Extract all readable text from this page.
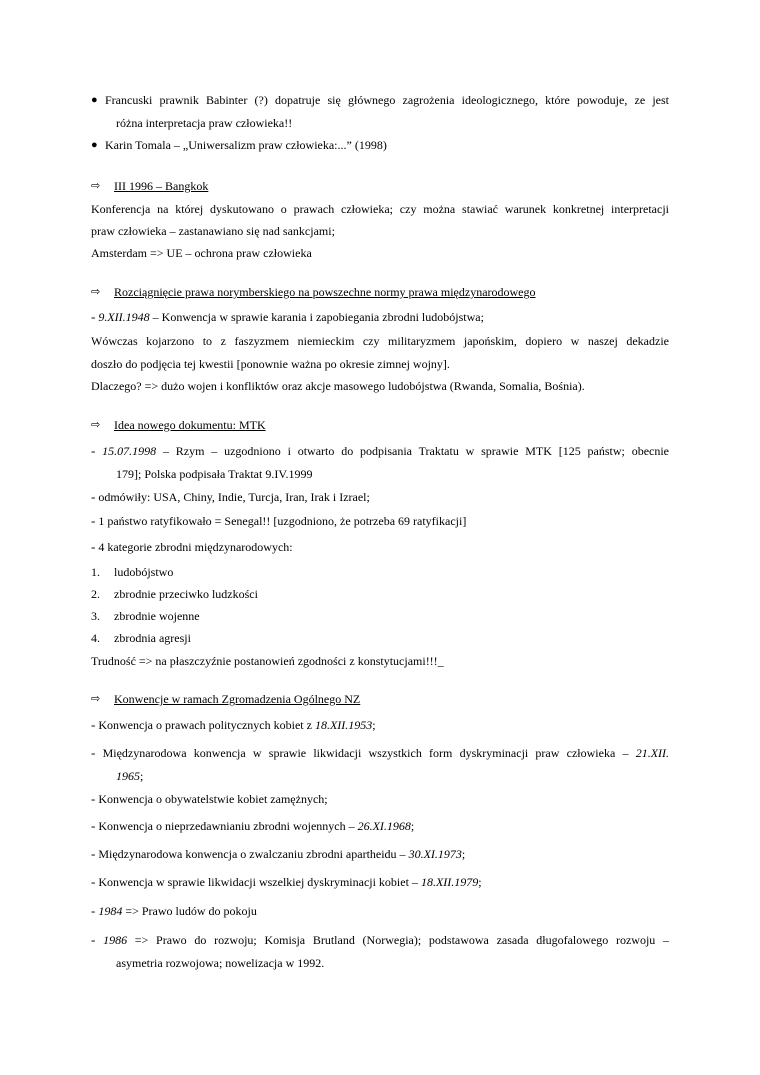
● Francuski prawnik Babinter (?) dopatruje się głównego zagrożenia ideologicznego, które powoduje, ze jest
różna interpretacja praw człowieka!!
● Karin Tomala – „Uniwersalizm praw człowieka:...” (1998)
⇨ III 1996 – Bangkok
Konferencja na której dyskutowano o prawach człowieka; czy można stawiać warunek konkretnej interpretacji
praw człowieka – zastanawiano się nad sankcjami;
Amsterdam => UE – ochrona praw człowieka
⇨ Rozciągnięcie prawa norymberskiego na powszechne normy prawa międzynarodowego
- 9.XII.1948 – Konwencja w sprawie karania i zapobiegania zbrodni ludobójstwa;
Wówczas kojarzono to z faszyzmem niemieckim czy militaryzmem japońskim, dopiero w naszej dekadzie
doszło do podjęcia tej kwestii [ponownie ważna po okresie zimnej wojny].
Dlaczego? => dużo wojen i konfliktów oraz akcje masowego ludobójstwa (Rwanda, Somalia, Bośnia).
⇨ Idea nowego dokumentu: MTK
- 15.07.1998 – Rzym – uzgodniono i otwarto do podpisania Traktatu w sprawie MTK [125 państw; obecnie
179]; Polska podpisała Traktat 9.IV.1999
- odmówiły: USA, Chiny, Indie, Turcja, Iran, Irak i Izrael;
- 1 państwo ratyfikowało = Senegal!! [uzgodniono, że potrzeba 69 ratyfikacji]
- 4 kategorie zbrodni międzynarodowych:
1. ludobójstwo
2. zbrodnie przeciwko ludzkości
3. zbrodnie wojenne
4. zbrodnia agresji
Trudność => na płaszczyźnie postanowień zgodności z konstytucjami!!!_
⇨ Konwencje w ramach Zgromadzenia Ogólnego NZ
- Konwencja o prawach politycznych kobiet z 18.XII.1953;
- Międzynarodowa konwencja w sprawie likwidacji wszystkich form dyskryminacji praw człowieka – 21.XII.
1965;
- Konwencja o obywatelstwie kobiet zamężnych;
- Konwencja o nieprzedawnianiu zbrodni wojennych – 26.XI.1968;
- Międzynarodowa konwencja o zwalczaniu zbrodni apartheidu – 30.XI.1973;
- Konwencja w sprawie likwidacji wszelkiej dyskryminacji kobiet – 18.XII.1979;
- 1984 => Prawo ludów do pokoju
- 1986 => Prawo do rozwoju; Komisja Brutland (Norwegia); podstawowa zasada długofalowego rozwoju –
asymetria rozwojowa; nowelizacja w 1992.
